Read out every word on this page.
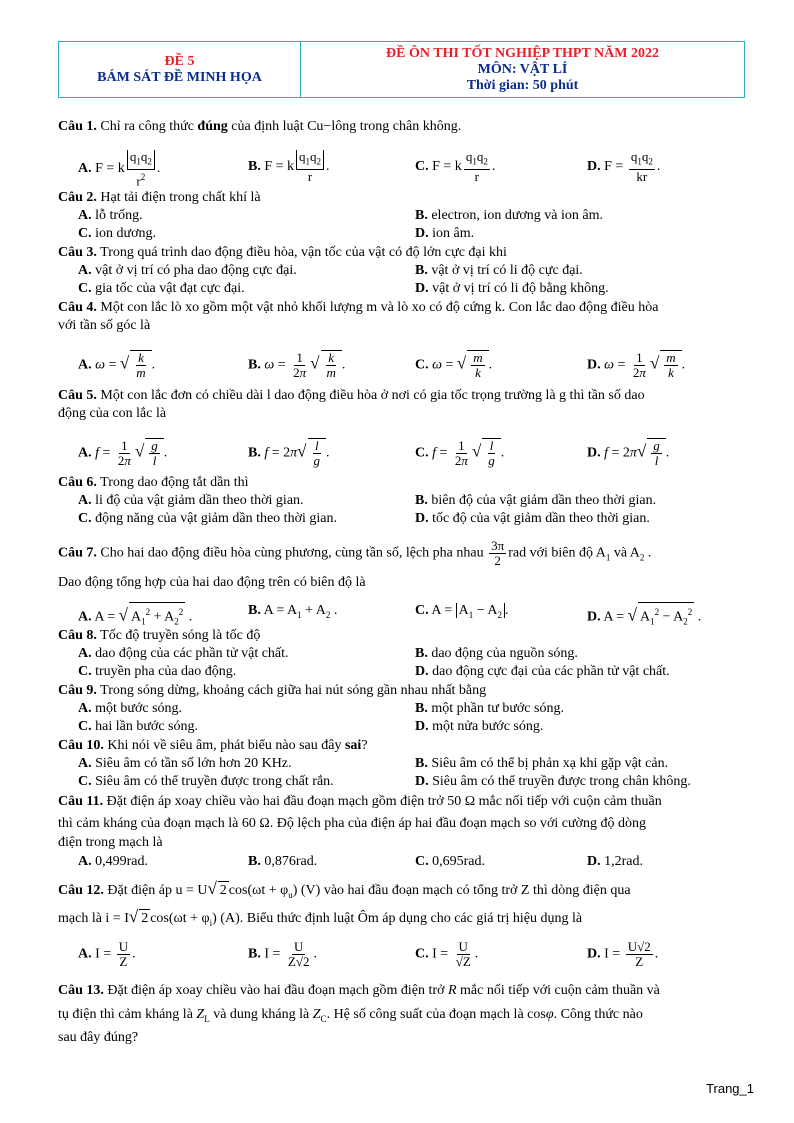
ĐỀ 5
BÁM SÁT ĐỀ MINH HỌA
ĐỀ ÔN THI TỐT NGHIỆP THPT NĂM 2022
MÔN: VẬT LÍ
Thời gian: 50 phút
Câu 1. Chỉ ra công thức đúng của định luật Cu−lông trong chân không.
A. F = k $\frac{q_1q_2}{r^2}$ .	B. F = k $\frac{q_1q_2}{r}$ .	C. F = k $\frac{q_1q_2}{r}$ .	D. $F = \frac{q_1q_2}{kr}$ .
Câu 2. Hạt tải điện trong chất khí là
A. lỗ trống.	B. electron, ion dương và ion âm.
C. ion dương.	D. ion âm.
Câu 3. Trong quá trình dao động điều hòa, vận tốc của vật có độ lớn cực đại khi
A. vật ở vị trí có pha dao động cực đại.	B. vật ở vị trí có li độ cực đại.
C. gia tốc của vật đạt cực đại.	D. vật ở vị trí có li độ bằng không.
Câu 4. Một con lắc lò xo gồm một vật nhỏ khối lượng m và lò xo có độ cứng k. Con lắc dao động điều hòa
với tần số góc là
A. ω = √ $\frac{k}{m}$ .	B. $\omega = \frac{1}{2\pi}$ √ $\frac{k}{m}$ .	C. ω = √ $\frac{m}{k}$ .	D. $\omega = \frac{1}{2\pi}$ √ $\frac{m}{k}$ .
Câu 5. Một con lắc đơn có chiều dài l dao động điều hòa ở nơi có gia tốc trọng trường là g thì tần số dao
động của con lắc là
A. $f = \frac{1}{2\pi}$ √ $\frac{g}{l}$ .	B. $f = 2\pi√ \frac{l}{g}$ .	C. $f = \frac{1}{2\pi}$ √ $\frac{l}{g}$ .	D. $f = 2\pi√ \frac{g}{l}$ .
Câu 6. Trong dao động tắt dần thì
A. li độ của vật giảm dần theo thời gian.	B. biên độ của vật giảm dần theo thời gian.
C. động năng của vật giảm dần theo thời gian.	D. tốc độ của vật giảm dần theo thời gian.
Câu 7. Cho hai dao động điều hòa cùng phương, cùng tần số, lệch pha nhau $\frac{3\pi}{2}$ rad với biên độ $A_1$ và $A_2$ .
Dao động tổng hợp của hai dao động trên có biên độ là
A. A = √ $A_1^2 + A_2^2$ .	B. $A = A_1 + A_2$ .	C. $A = A_1 - A_2$ .	D. A = √ $A_1^2 - A_2^2$ .
Câu 8. Tốc độ truyền sóng là tốc độ
A. dao động của các phần tử vật chất.	B. dao động của nguồn sóng.
C. truyền pha của dao động.	D. dao động cực đại của các phần tử vật chất.
Câu 9. Trong sóng dừng, khoảng cách giữa hai nút sóng gần nhau nhất bằng
A. một bước sóng.	B. một phần tư bước sóng.
C. hai lần bước sóng.	D. một nửa bước sóng.
Câu 10. Khi nói về siêu âm, phát biểu nào sau đây sai?
A. Siêu âm có tần số lớn hơn 20 KHz.	B. Siêu âm có thể bị phản xạ khi gặp vật cản.
C. Siêu âm có thể truyền được trong chất rắn.	D. Siêu âm có thể truyền được trong chân không.
Câu 11. Đặt điện áp xoay chiều vào hai đầu đoạn mạch gồm điện trở 50 Ω mắc nối tiếp với cuộn cảm thuần
thì cảm kháng của đoạn mạch là 60 Ω. Độ lệch pha của điện áp hai đầu đoạn mạch so với cường độ dòng
điện trong mạch là
A. 0,499rad.	B. 0,876rad.	C. 0,695rad.	D. 1,2rad.
Câu 12. Đặt điện áp u = U√ 2 $\cos(\omega t + \varphi_u)$ (V) vào hai đầu đoạn mạch có tổng trở Z thì dòng điện qua
mạch là i = I√ 2 $\cos(\omega t + \varphi_i)$ (A). Biểu thức định luật Ôm áp dụng cho các giá trị hiệu dụng là
A. $I = \frac{U}{Z}$ .	B. $I = \frac{U}{Z√2}$ .	C. $I = \frac{U}{√Z}$ .	D. $I = \frac{U√2}{Z}$ .
Câu 13. Đặt điện áp xoay chiều vào hai đầu đoạn mạch gồm điện trở R mắc nối tiếp với cuộn cảm thuần và
tụ điện thì cảm kháng là $Z_L$ và dung kháng là $Z_C$. Hệ số công suất của đoạn mạch là cosφ. Công thức nào
sau đây đúng?
Trang_1
